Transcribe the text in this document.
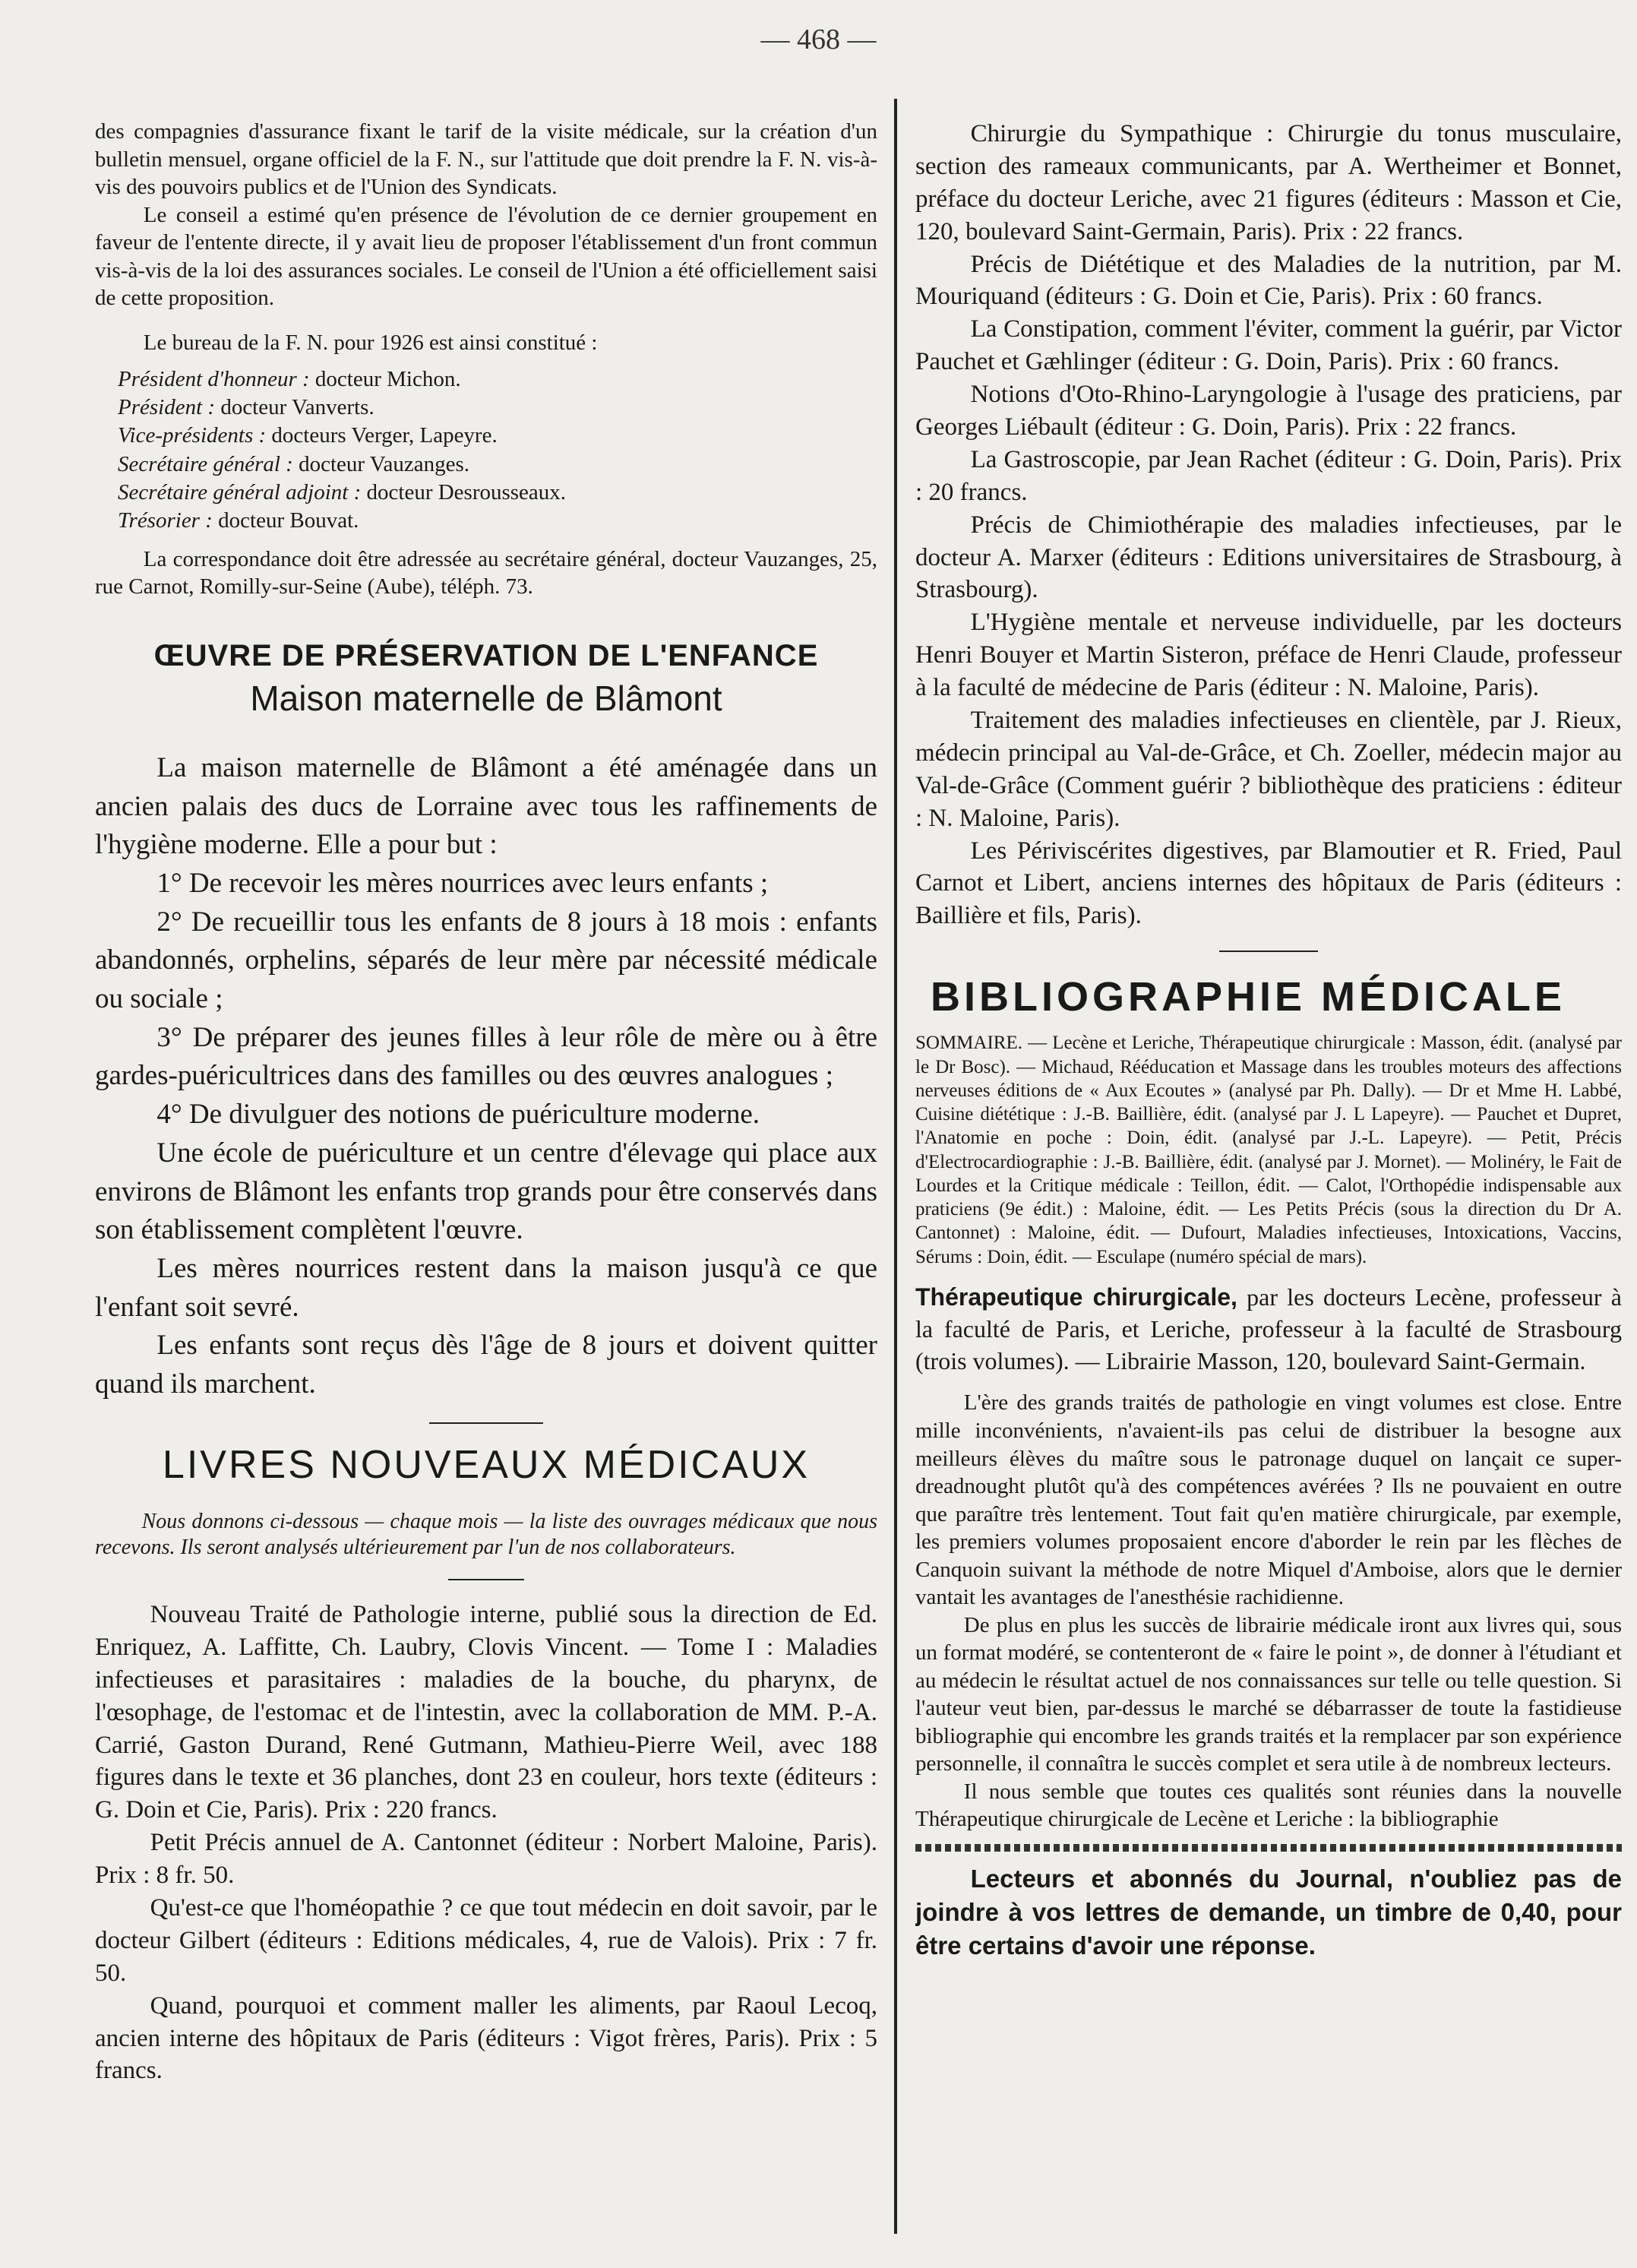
— 468 —

des compagnies d'assurance fixant le tarif de la visite médicale, sur la création d'un bulletin mensuel, organe officiel de la F. N., sur l'attitude que doit prendre la F. N. vis-à-vis des pouvoirs publics et de l'Union des Syndicats.

Le conseil a estimé qu'en présence de l'évolution de ce dernier groupement en faveur de l'entente directe, il y avait lieu de proposer l'établissement d'un front commun vis-à-vis de la loi des assurances sociales. Le conseil de l'Union a été officiellement saisi de cette proposition.

Le bureau de la F. N. pour 1926 est ainsi constitué :

Président d'honneur : docteur Michon.
Président : docteur Vanverts.
Vice-présidents : docteurs Verger, Lapeyre.
Secrétaire général : docteur Vauzanges.
Secrétaire général adjoint : docteur Desrousseaux.
Trésorier : docteur Bouvat.

La correspondance doit être adressée au secrétaire général, docteur Vauzanges, 25, rue Carnot, Romilly-sur-Seine (Aube), téléph. 73.

ŒUVRE DE PRÉSERVATION DE L'ENFANCE
Maison maternelle de Blâmont

La maison maternelle de Blâmont a été aménagée dans un ancien palais des ducs de Lorraine avec tous les raffinements de l'hygiène moderne. Elle a pour but :

1° De recevoir les mères nourrices avec leurs enfants ;

2° De recueillir tous les enfants de 8 jours à 18 mois : enfants abandonnés, orphelins, séparés de leur mère par nécessité médicale ou sociale ;

3° De préparer des jeunes filles à leur rôle de mère ou à être gardes-puéricultrices dans des familles ou des œuvres analogues ;

4° De divulguer des notions de puériculture moderne.

Une école de puériculture et un centre d'élevage qui place aux environs de Blâmont les enfants trop grands pour être conservés dans son établissement complètent l'œuvre.

Les mères nourrices restent dans la maison jusqu'à ce que l'enfant soit sevré.

Les enfants sont reçus dès l'âge de 8 jours et doivent quitter quand ils marchent.

LIVRES NOUVEAUX MÉDICAUX

Nous donnons ci-dessous — chaque mois — la liste des ouvrages médicaux que nous recevons. Ils seront analysés ultérieurement par l'un de nos collaborateurs.

Nouveau Traité de Pathologie interne, publié sous la direction de Ed. Enriquez, A. Laffitte, Ch. Laubry, Clovis Vincent. — Tome I : Maladies infectieuses et parasitaires : maladies de la bouche, du pharynx, de l'œsophage, de l'estomac et de l'intestin, avec la collaboration de MM. P.-A. Carrié, Gaston Durand, René Gutmann, Mathieu-Pierre Weil, avec 188 figures dans le texte et 36 planches, dont 23 en couleur, hors texte (éditeurs : G. Doin et Cie, Paris). Prix : 220 francs.

Petit Précis annuel de A. Cantonnet (éditeur : Norbert Maloine, Paris). Prix : 8 fr. 50.

Qu'est-ce que l'homéopathie ? ce que tout médecin en doit savoir, par le docteur Gilbert (éditeurs : Editions médicales, 4, rue de Valois). Prix : 7 fr. 50.

Quand, pourquoi et comment maller les aliments, par Raoul Lecoq, ancien interne des hôpitaux de Paris (éditeurs : Vigot frères, Paris). Prix : 5 francs.

Chirurgie du Sympathique : Chirurgie du tonus musculaire, section des rameaux communicants, par A. Wertheimer et Bonnet, préface du docteur Leriche, avec 21 figures (éditeurs : Masson et Cie, 120, boulevard Saint-Germain, Paris). Prix : 22 francs.

Précis de Diététique et des Maladies de la nutrition, par M. Mouriquand (éditeurs : G. Doin et Cie, Paris). Prix : 60 francs.

La Constipation, comment l'éviter, comment la guérir, par Victor Pauchet et Gæhlinger (éditeur : G. Doin, Paris). Prix : 60 francs.

Notions d'Oto-Rhino-Laryngologie à l'usage des praticiens, par Georges Liébault (éditeur : G. Doin, Paris). Prix : 22 francs.

La Gastroscopie, par Jean Rachet (éditeur : G. Doin, Paris). Prix : 20 francs.

Précis de Chimiothérapie des maladies infectieuses, par le docteur A. Marxer (éditeurs : Editions universitaires de Strasbourg, à Strasbourg).

L'Hygiène mentale et nerveuse individuelle, par les docteurs Henri Bouyer et Martin Sisteron, préface de Henri Claude, professeur à la faculté de médecine de Paris (éditeur : N. Maloine, Paris).

Traitement des maladies infectieuses en clientèle, par J. Rieux, médecin principal au Val-de-Grâce, et Ch. Zoeller, médecin major au Val-de-Grâce (Comment guérir ? bibliothèque des praticiens : éditeur : N. Maloine, Paris).

Les Périviscérites digestives, par Blamoutier et R. Fried, Paul Carnot et Libert, anciens internes des hôpitaux de Paris (éditeurs : Baillière et fils, Paris).

BIBLIOGRAPHIE MÉDICALE

SOMMAIRE. — Lecène et Leriche, Thérapeutique chirurgicale : Masson, édit. (analysé par le Dr Bosc). — Michaud, Rééducation et Massage dans les troubles moteurs des affections nerveuses éditions de « Aux Ecoutes » (analysé par Ph. Dally). — Dr et Mme H. Labbé, Cuisine diététique : J.-B. Baillière, édit. (analysé par J. L Lapeyre). — Pauchet et Dupret, l'Anatomie en poche : Doin, édit. (analysé par J.-L. Lapeyre). — Petit, Précis d'Electrocardiographie : J.-B. Baillière, édit. (analysé par J. Mornet). — Molinéry, le Fait de Lourdes et la Critique médicale : Teillon, édit. — Calot, l'Orthopédie indispensable aux praticiens (9e édit.) : Maloine, édit. — Les Petits Précis (sous la direction du Dr A. Cantonnet) : Maloine, édit. — Dufourt, Maladies infectieuses, Intoxications, Vaccins, Sérums : Doin, édit. — Esculape (numéro spécial de mars).

Thérapeutique chirurgicale, par les docteurs Lecène, professeur à la faculté de Paris, et Leriche, professeur à la faculté de Strasbourg (trois volumes). — Librairie Masson, 120, boulevard Saint-Germain.

L'ère des grands traités de pathologie en vingt volumes est close. Entre mille inconvénients, n'avaient-ils pas celui de distribuer la besogne aux meilleurs élèves du maître sous le patronage duquel on lançait ce super-dreadnought plutôt qu'à des compétences avérées ? Ils ne pouvaient en outre que paraître très lentement. Tout fait qu'en matière chirurgicale, par exemple, les premiers volumes proposaient encore d'aborder le rein par les flèches de Canquoin suivant la méthode de notre Miquel d'Amboise, alors que le dernier vantait les avantages de l'anesthésie rachidienne.

De plus en plus les succès de librairie médicale iront aux livres qui, sous un format modéré, se contenteront de « faire le point », de donner à l'étudiant et au médecin le résultat actuel de nos connaissances sur telle ou telle question. Si l'auteur veut bien, par-dessus le marché se débarrasser de toute la fastidieuse bibliographie qui encombre les grands traités et la remplacer par son expérience personnelle, il connaîtra le succès complet et sera utile à de nombreux lecteurs.

Il nous semble que toutes ces qualités sont réunies dans la nouvelle Thérapeutique chirurgicale de Lecène et Leriche : la bibliographie

Lecteurs et abonnés du Journal, n'oubliez pas de joindre à vos lettres de demande, un timbre de 0,40, pour être certains d'avoir une réponse.
